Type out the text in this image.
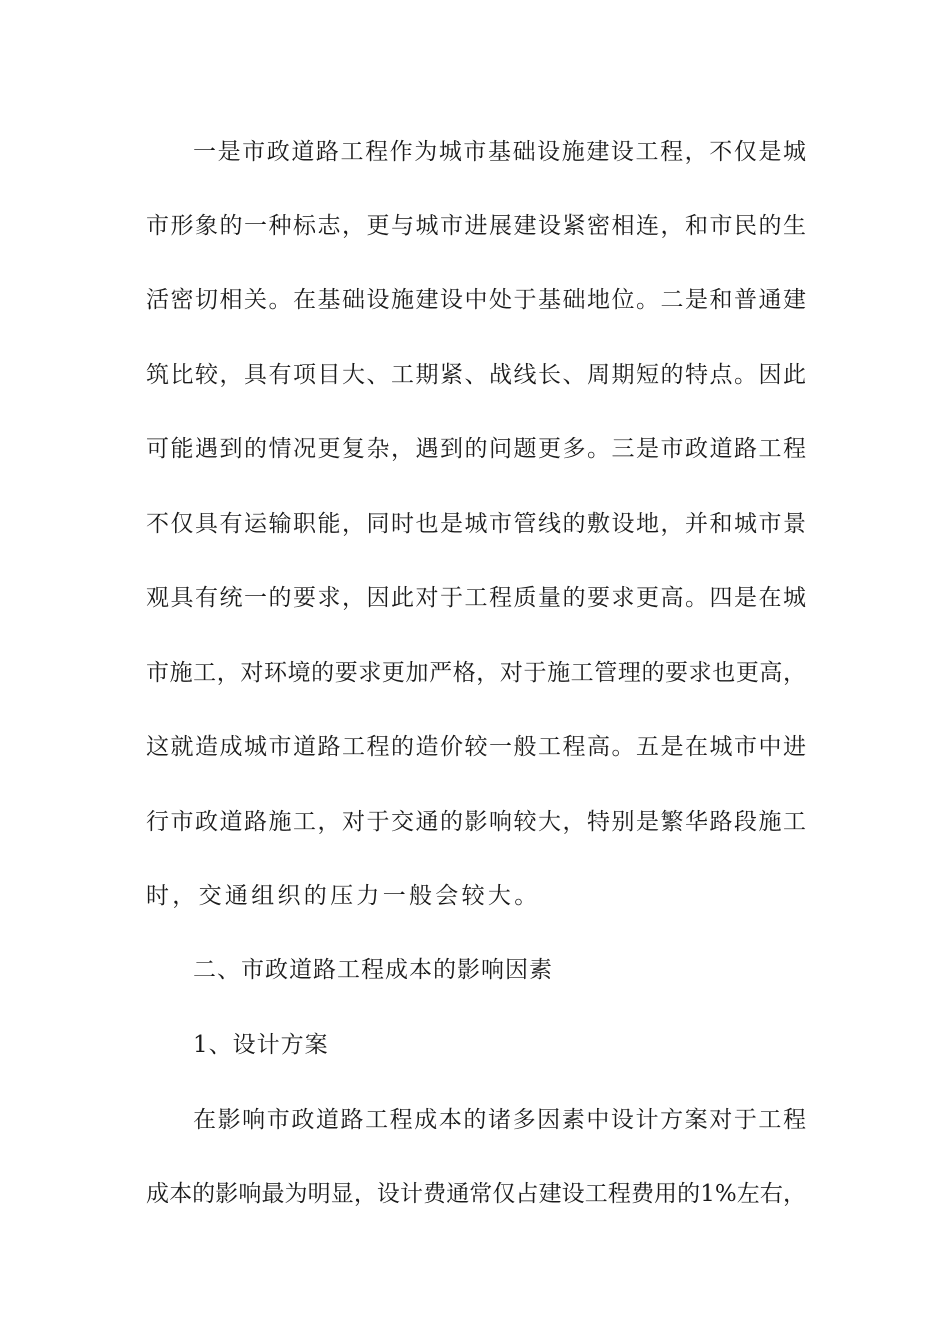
一是市政道路工程作为城市基础设施建设工程，不仅是城
市形象的一种标志，更与城市进展建设紧密相连，和市民的生
活密切相关。在基础设施建设中处于基础地位。二是和普通建
筑比较，具有项目大、工期紧、战线长、周期短的特点。因此
可能遇到的情况更复杂，遇到的问题更多。三是市政道路工程
不仅具有运输职能，同时也是城市管线的敷设地，并和城市景
观具有统一的要求，因此对于工程质量的要求更高。四是在城
市施工，对环境的要求更加严格，对于施工管理的要求也更高，
这就造成城市道路工程的造价较一般工程高。五是在城市中进
行市政道路施工，对于交通的影响较大，特别是繁华路段施工
时，交通组织的压力一般会较大。
二、市政道路工程成本的影响因素
1、设计方案
在影响市政道路工程成本的诸多因素中设计方案对于工程
成本的影响最为明显，设计费通常仅占建设工程费用的1%左右，
